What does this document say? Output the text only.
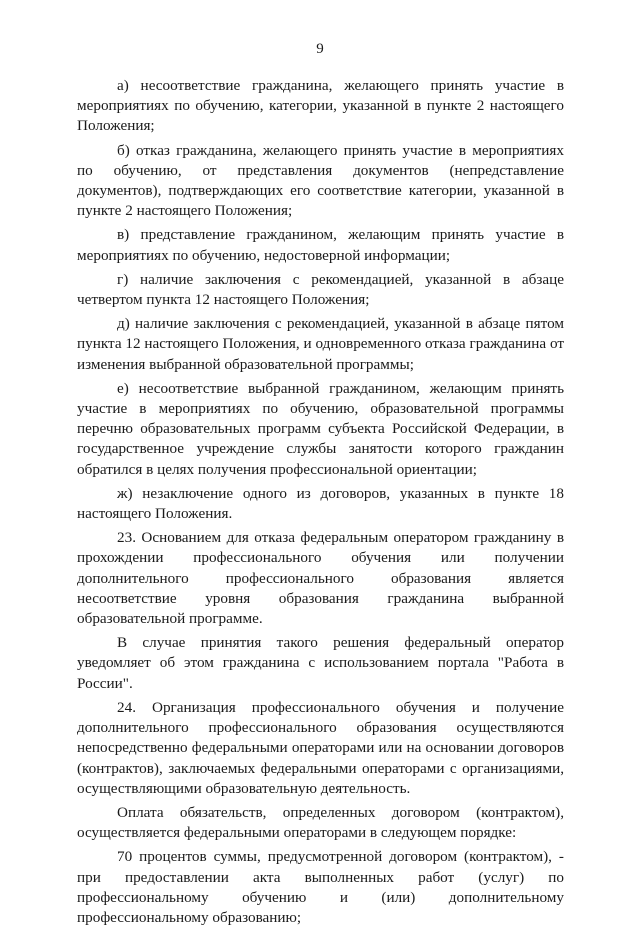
9

а) несоответствие гражданина, желающего принять участие в мероприятиях по обучению, категории, указанной в пункте 2 настоящего Положения;

б) отказ гражданина, желающего принять участие в мероприятиях по обучению, от представления документов (непредставление документов), подтверждающих его соответствие категории, указанной в пункте 2 настоящего Положения;

в) представление гражданином, желающим принять участие в мероприятиях по обучению, недостоверной информации;

г) наличие заключения с рекомендацией, указанной в абзаце четвертом пункта 12 настоящего Положения;

д) наличие заключения с рекомендацией, указанной в абзаце пятом пункта 12 настоящего Положения, и одновременного отказа гражданина от изменения выбранной образовательной программы;

е) несоответствие выбранной гражданином, желающим принять участие в мероприятиях по обучению, образовательной программы перечню образовательных программ субъекта Российской Федерации, в государственное учреждение службы занятости которого гражданин обратился в целях получения профессиональной ориентации;

ж) незаключение одного из договоров, указанных в пункте 18 настоящего Положения.

23. Основанием для отказа федеральным оператором гражданину в прохождении профессионального обучения или получении дополнительного профессионального образования является несоответствие уровня образования гражданина выбранной образовательной программе.

В случае принятия такого решения федеральный оператор уведомляет об этом гражданина с использованием портала "Работа в России".

24. Организация профессионального обучения и получение дополнительного профессионального образования осуществляются непосредственно федеральными операторами или на основании договоров (контрактов), заключаемых федеральными операторами с организациями, осуществляющими образовательную деятельность.

Оплата обязательств, определенных договором (контрактом), осуществляется федеральными операторами в следующем порядке:

70 процентов суммы, предусмотренной договором (контрактом), - при предоставлении акта выполненных работ (услуг) по профессиональному обучению и (или) дополнительному профессиональному образованию;
